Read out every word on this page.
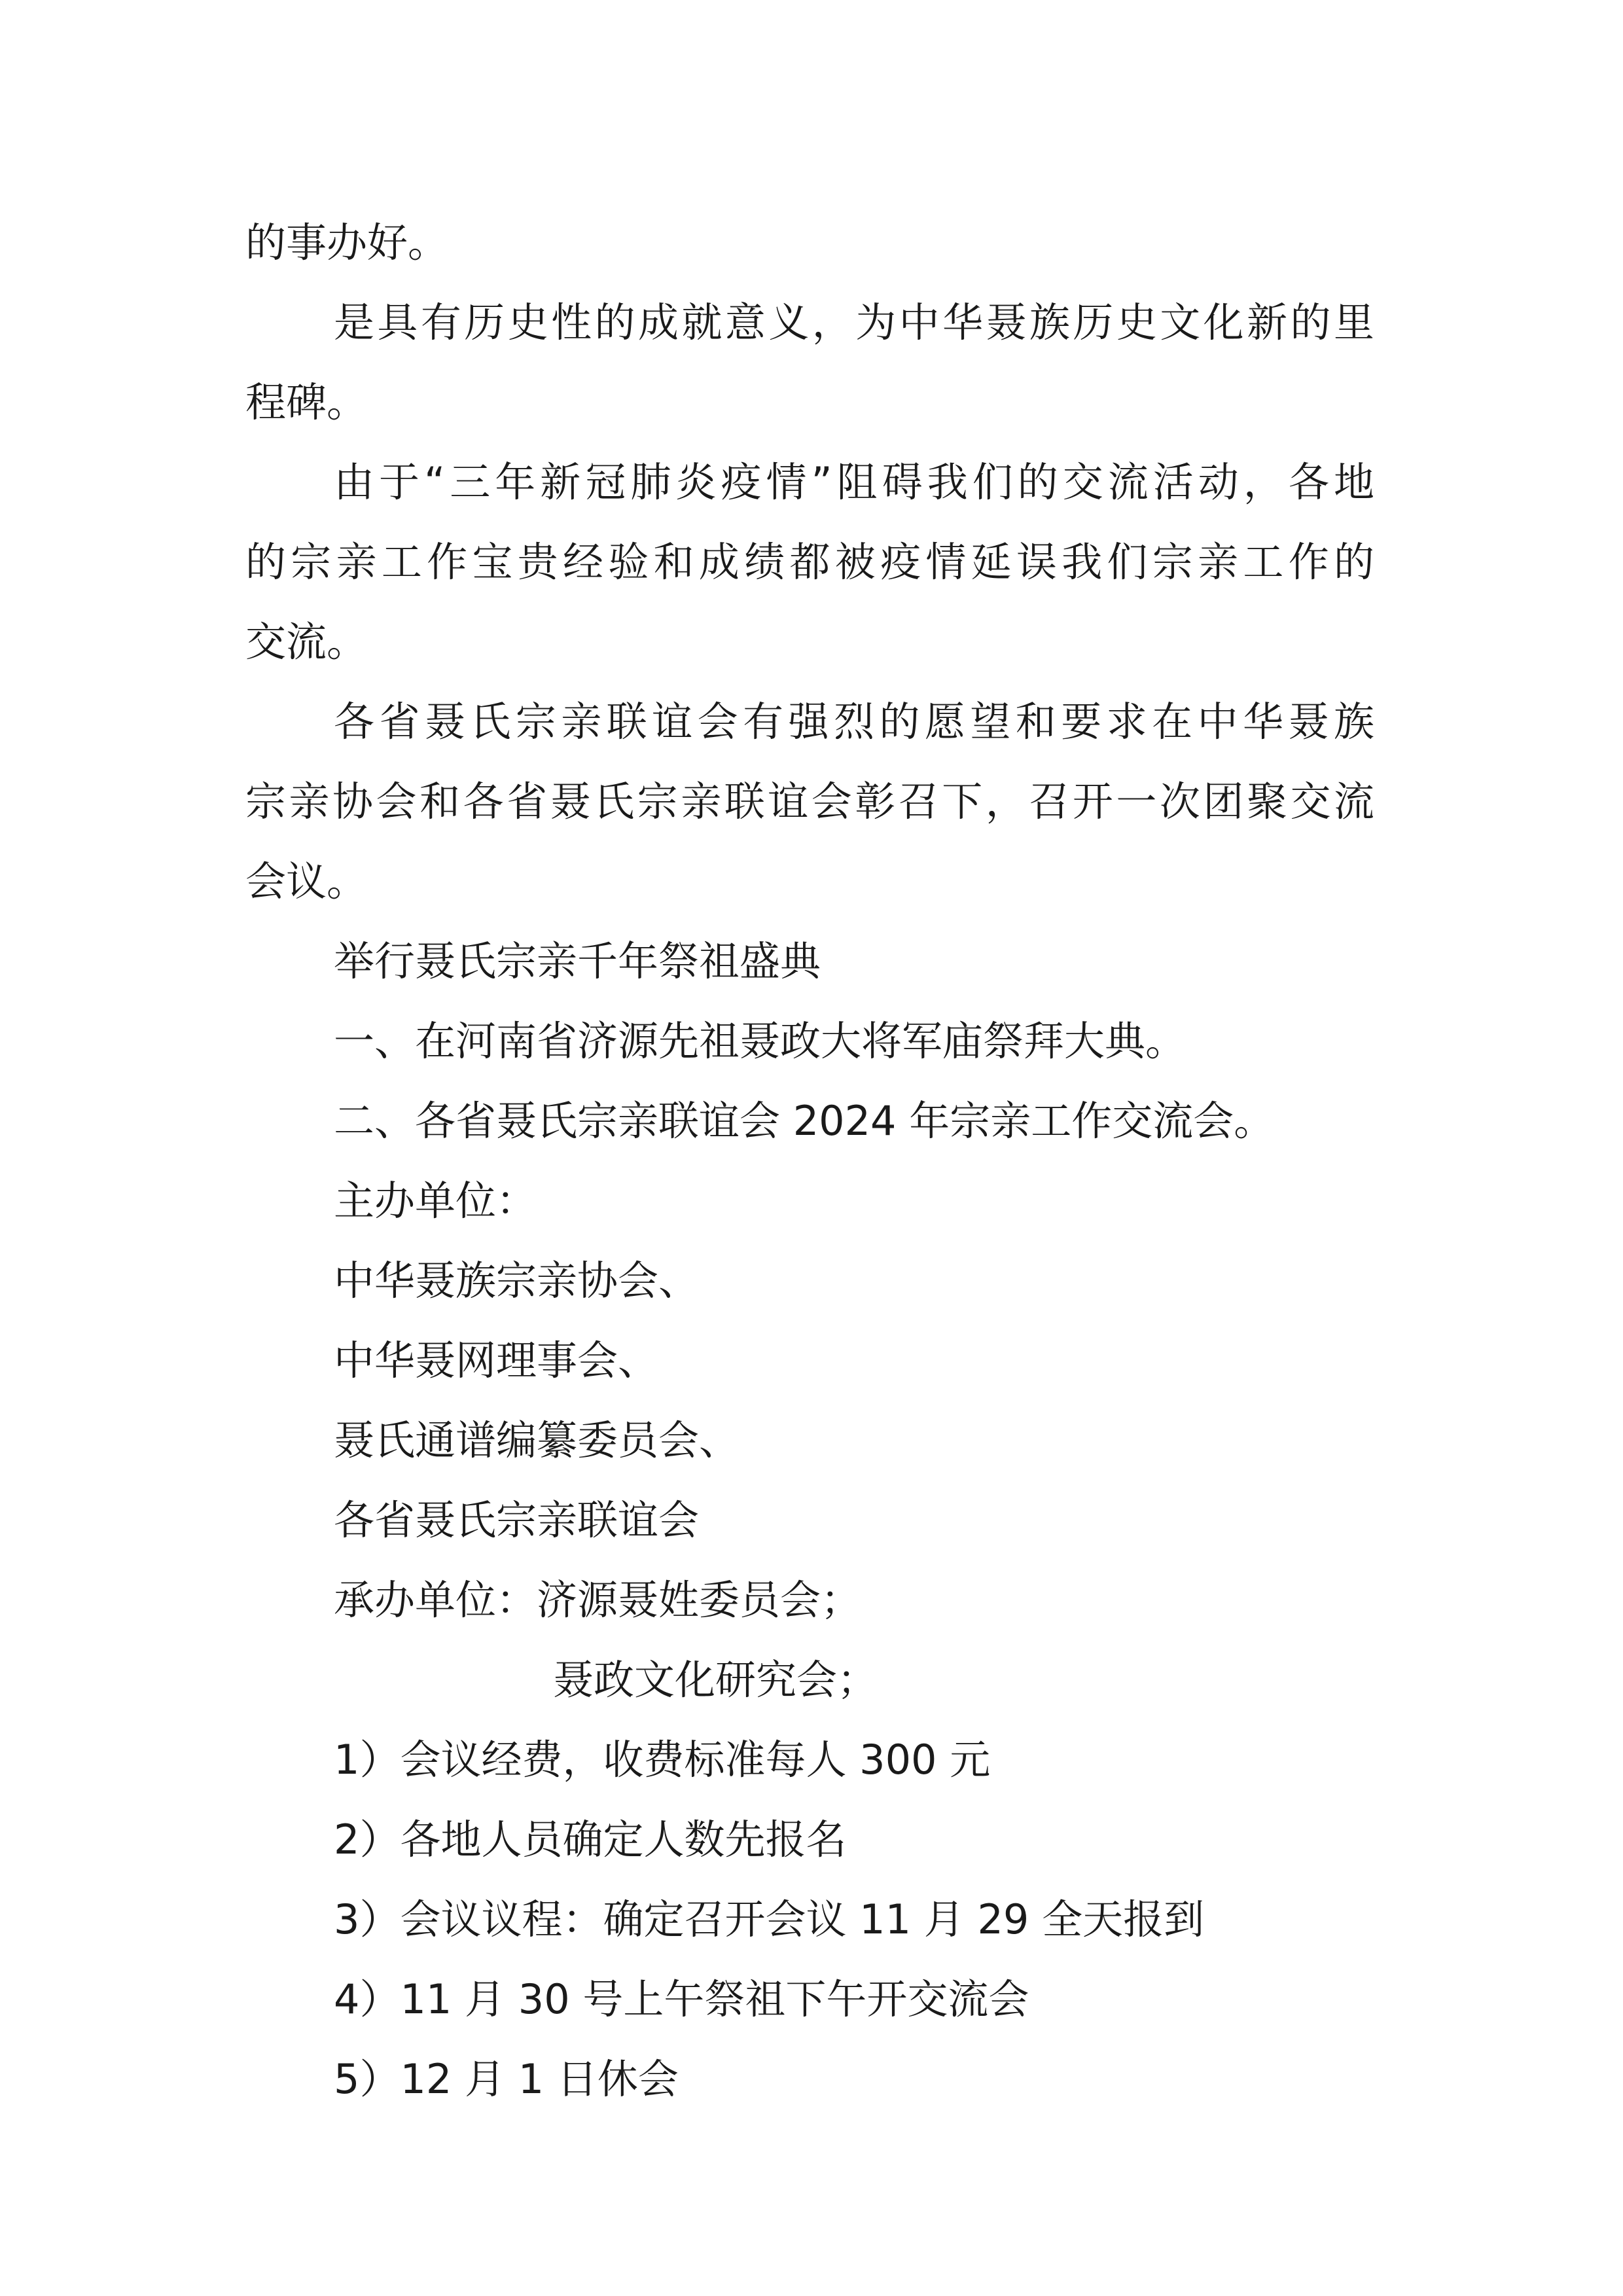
的事办好。
是具有历史性的成就意义，为中华聂族历史文化新的里
程碑。
由于“三年新冠肺炎疫情”阻碍我们的交流活动，各地
的宗亲工作宝贵经验和成绩都被疫情延误我们宗亲工作的
交流。
各省聂氏宗亲联谊会有强烈的愿望和要求在中华聂族
宗亲协会和各省聂氏宗亲联谊会彰召下，召开一次团聚交流
会议。
举行聂氏宗亲千年祭祖盛典
一、在河南省济源先祖聂政大将军庙祭拜大典。
二、各省聂氏宗亲联谊会 2024 年宗亲工作交流会。
主办单位：
中华聂族宗亲协会、
中华聂网理事会、
聂氏通谱编纂委员会、
各省聂氏宗亲联谊会
承办单位：济源聂姓委员会；
聂政文化研究会；
1）会议经费，收费标准每人 300 元
2）各地人员确定人数先报名
3）会议议程：确定召开会议 11 月 29 全天报到
4）11 月 30 号上午祭祖下午开交流会
5）12 月 1 日休会
